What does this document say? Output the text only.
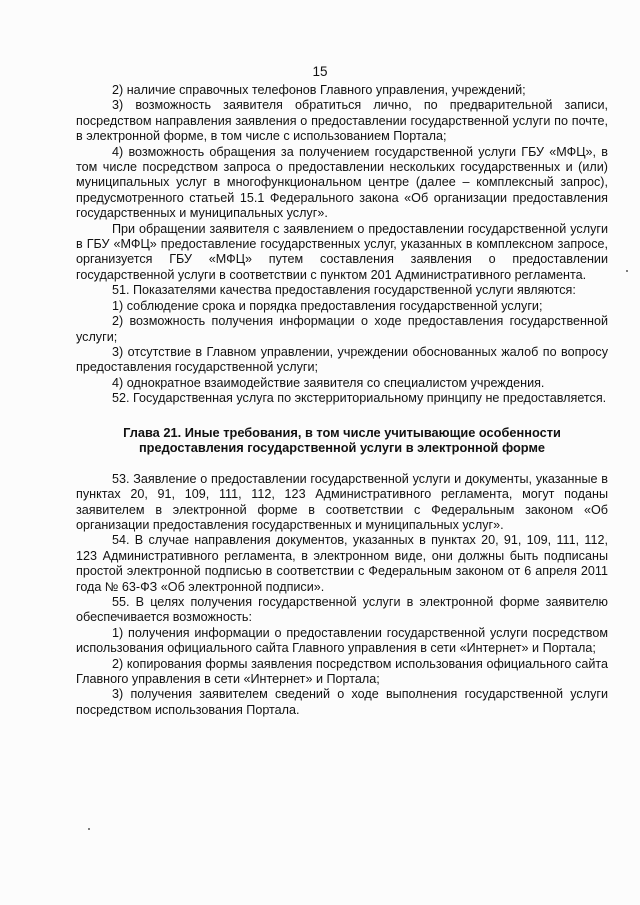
15

2) наличие справочных телефонов Главного управления, учреждений;

3) возможность заявителя обратиться лично, по предварительной записи, посредством направления заявления о предоставлении государственной услуги по почте, в электронной форме, в том числе с использованием Портала;

4) возможность обращения за получением государственной услуги ГБУ «МФЦ», в том числе посредством запроса о предоставлении нескольких государственных и (или) муниципальных услуг в многофункциональном центре (далее – комплексный запрос), предусмотренного статьей 15.1 Федерального закона «Об организации предоставления государственных и муниципальных услуг».

При обращении заявителя с заявлением о предоставлении государственной услуги в ГБУ «МФЦ» предоставление государственных услуг, указанных в комплексном запросе, организуется ГБУ «МФЦ» путем составления заявления о предоставлении государственной услуги в соответствии с пунктом 201 Административного регламента.

51. Показателями качества предоставления государственной услуги являются:

1) соблюдение срока и порядка предоставления государственной услуги;

2) возможность получения информации о ходе предоставления государственной услуги;

3) отсутствие в Главном управлении, учреждении обоснованных жалоб по вопросу предоставления государственной услуги;

4) однократное взаимодействие заявителя со специалистом учреждения.

52. Государственная услуга по экстерриториальному принципу не предоставляется.

Глава 21. Иные требования, в том числе учитывающие особенности
предоставления государственной услуги в электронной форме

53. Заявление о предоставлении государственной услуги и документы, указанные в пунктах 20, 91, 109, 111, 112, 123 Административного регламента, могут поданы заявителем в электронной форме в соответствии с Федеральным законом «Об организации предоставления государственных и муниципальных услуг».

54. В случае направления документов, указанных в пунктах 20, 91, 109, 111, 112, 123 Административного регламента, в электронном виде, они должны быть подписаны простой электронной подписью в соответствии с Федеральным законом от 6 апреля 2011 года № 63-ФЗ «Об электронной подписи».

55. В целях получения государственной услуги в электронной форме заявителю обеспечивается возможность:

1) получения информации о предоставлении государственной услуги посредством использования официального сайта Главного управления в сети «Интернет» и Портала;

2) копирования формы заявления посредством использования официального сайта Главного управления в сети «Интернет» и Портала;

3) получения заявителем сведений о ходе выполнения государственной услуги посредством использования Портала.
